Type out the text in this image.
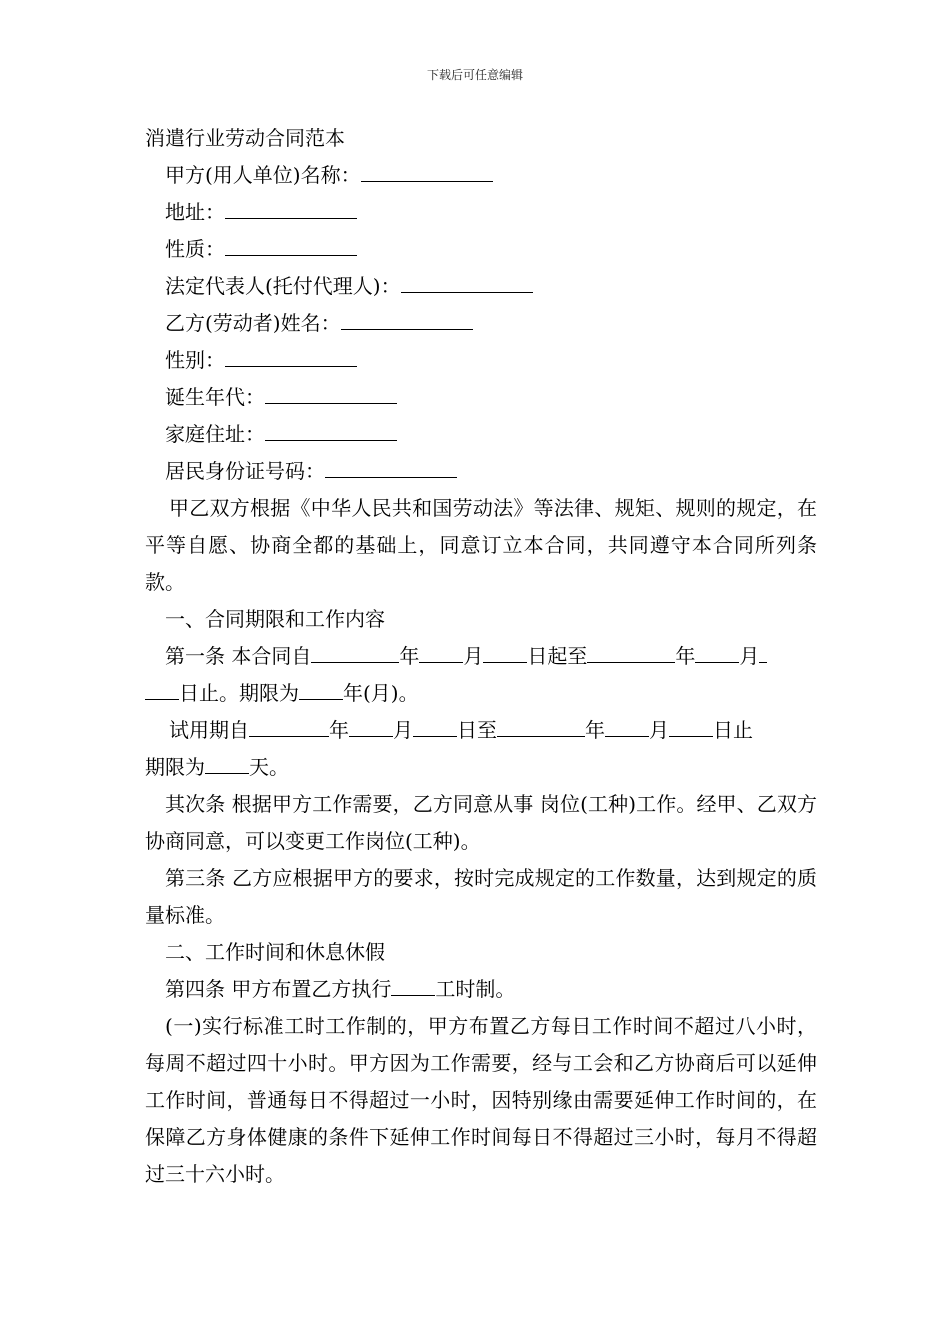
下载后可任意编辑
消遣行业劳动合同范本
甲方(用人单位)名称：
地址：
性质：
法定代表人(托付代理人)：
乙方(劳动者)姓名：
性别：
诞生年代：
家庭住址：
居民身份证号码：

甲乙双方根据《中华人民共和国劳动法》等法律、规矩、规则的规定，在平等自愿、协商全都的基础上，同意订立本合同，共同遵守本合同所列条款。

一、合同期限和工作内容
第一条 本合同自	年 月 日起至	年 月
日止。期限为 年(月)。
试用期自	年 月 日至	年 月 日止
期限为 天。

其次条 根据甲方工作需要，乙方同意从事 岗位(工种)工作。经甲、乙双方协商同意，可以变更工作岗位(工种)。

第三条 乙方应根据甲方的要求，按时完成规定的工作数量，达到规定的质量标准。

二、工作时间和休息休假
第四条 甲方布置乙方执行 工时制。

(一)实行标准工时工作制的，甲方布置乙方每日工作时间不超过八小时，每周不超过四十小时。甲方因为工作需要，经与工会和乙方协商后可以延伸工作时间，普通每日不得超过一小时，因特别缘由需要延伸工作时间的，在保障乙方身体健康的条件下延伸工作时间每日不得超过三小时，每月不得超过三十六小时。
